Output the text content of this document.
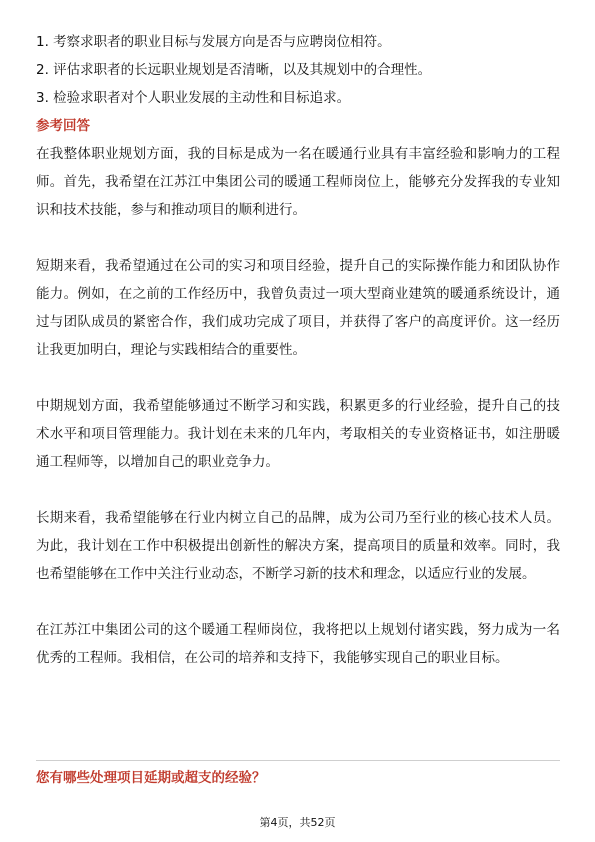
1. 考察求职者的职业目标与发展方向是否与应聘岗位相符。

2. 评估求职者的长远职业规划是否清晰，以及其规划中的合理性。

3. 检验求职者对个人职业发展的主动性和目标追求。

参考回答

在我整体职业规划方面，我的目标是成为一名在暖通行业具有丰富经验和影响力的工程师。首先，我希望在江苏江中集团公司的暖通工程师岗位上，能够充分发挥我的专业知识和技术技能，参与和推动项目的顺利进行。

短期来看，我希望通过在公司的实习和项目经验，提升自己的实际操作能力和团队协作能力。例如，在之前的工作经历中，我曾负责过一项大型商业建筑的暖通系统设计，通过与团队成员的紧密合作，我们成功完成了项目，并获得了客户的高度评价。这一经历让我更加明白，理论与实践相结合的重要性。

中期规划方面，我希望能够通过不断学习和实践，积累更多的行业经验，提升自己的技术水平和项目管理能力。我计划在未来的几年内，考取相关的专业资格证书，如注册暖通工程师等，以增加自己的职业竞争力。

长期来看，我希望能够在行业内树立自己的品牌，成为公司乃至行业的核心技术人员。为此，我计划在工作中积极提出创新性的解决方案，提高项目的质量和效率。同时，我也希望能够在工作中关注行业动态，不断学习新的技术和理念，以适应行业的发展。

在江苏江中集团公司的这个暖通工程师岗位，我将把以上规划付诸实践，努力成为一名优秀的工程师。我相信，在公司的培养和支持下，我能够实现自己的职业目标。

您有哪些处理项目延期或超支的经验？

第4页，共52页
